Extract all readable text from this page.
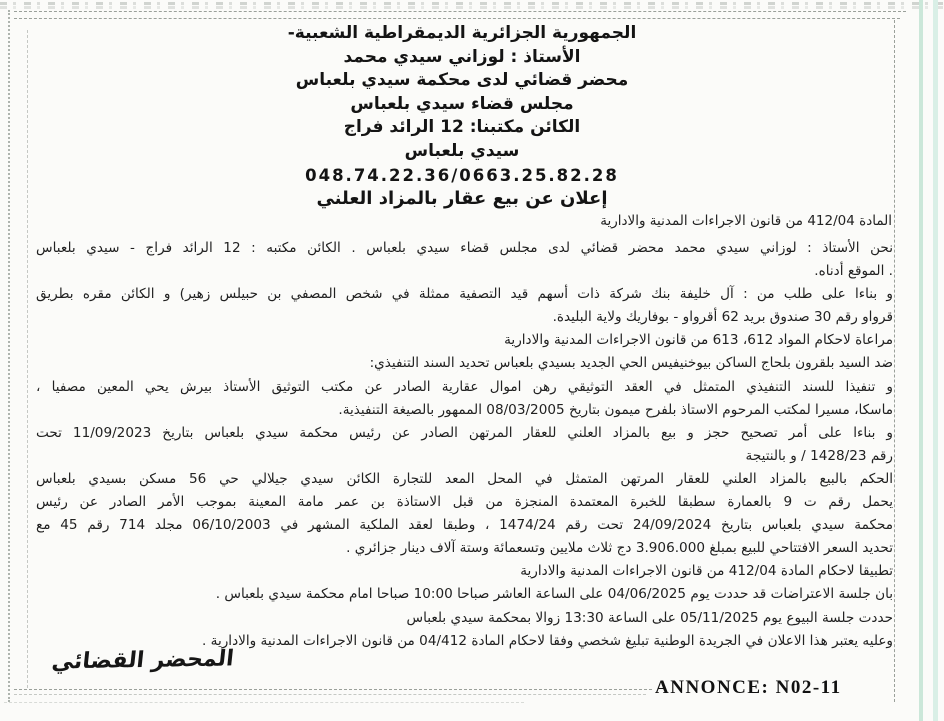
الجمهورية الجزائرية الديمقراطية الشعبية-
الأستاذ : لوزاني سيدي محمد
محضر قضائي لدى محكمة سيدي بلعباس
مجلس قضاء سيدي بلعباس
الكائن مكتبنا: 12 الرائد فراج
سيدي بلعباس
048.74.22.36/0663.25.82.28
إعلان عن بيع عقار بالمزاد العلني
المادة 412/04 من قانون الاجراءات المدنية والادارية
نحن الأستاذ : لوزاني سيدي محمد محضر قضائي لدى مجلس قضاء سيدي بلعباس . الكائن مكتبه : 12 الرائد فراج - سيدي بلعباس
. الموقع أدناه.
و بناءا على طلب من : آل خليفة بنك شركة ذات أسهم قيد التصفية ممثلة في شخص المصفي بن حبيلس زهير) و الكائن مقره بطريق
قرواو رقم 30 صندوق بريد 62 أقرواو - بوفاريك ولاية البليدة.
مراعاة لاحكام المواد 612، 613 من قانون الاجراءات المدنية والادارية
ضد السيد بلقرون بلحاج الساكن بيوخنيفيس الحي الجديد بسيدي بلعباس تحديد السند التنفيذي:
و تنفيذا للسند التنفيذي المتمثل في العقد التوثيقي رهن اموال عقارية الصادر عن مكتب التوثيق الأستاذ بيرش يحي المعين مصفيا ،
ماسكا، مسيرا لمكتب المرحوم الاستاذ بلفرح ميمون بتاريخ 08/03/2005 الممهور بالصيغة التنفيذية.
و بناءا على أمر تصحيح حجز و بيع بالمزاد العلني للعقار المرتهن الصادر عن رئيس محكمة سيدي بلعباس بتاريخ 11/09/2023 تحت
رقم 1428/23 / و بالنتيجة
الحكم بالبيع بالمزاد العلني للعقار المرتهن المتمثل في المحل المعد للتجارة الكائن سيدي جيلالي حي 56 مسكن بسيدي بلعباس
يحمل رقم ت 9 بالعمارة سطبقا للخبرة المعتمدة المنجزة من قبل الاستاذة بن عمر مامة المعينة بموجب الأمر الصادر عن رئيس
محكمة سيدي بلعباس بتاريخ 24/09/2024 تحت رقم 1474/24 ، وطبقا لعقد الملكية المشهر في 06/10/2003 مجلد 714 رقم 45 مع
تحديد السعر الافتتاحي للبيع بمبلغ 3.906.000 دج ثلاث ملايين وتسعمائة وستة آلاف دينار جزائري .
تطبيقا لاحكام المادة 412/04 من قانون الاجراءات المدنية والادارية
بان جلسة الاعتراضات قد حددت يوم 04/06/2025 على الساعة العاشر صباحا 10:00 صباحا امام محكمة سيدي بلعباس .
حددت جلسة البيوع يوم 05/11/2025 على الساعة 13:30 زوالا بمحكمة سيدي بلعباس
وعليه يعتبر هذا الاعلان في الجريدة الوطنية تبليغ شخصي وفقا لاحكام المادة 04/412 من قانون الاجراءات المدنية والادارية .
المحضر القضائي
ANNONCE: N02-11
